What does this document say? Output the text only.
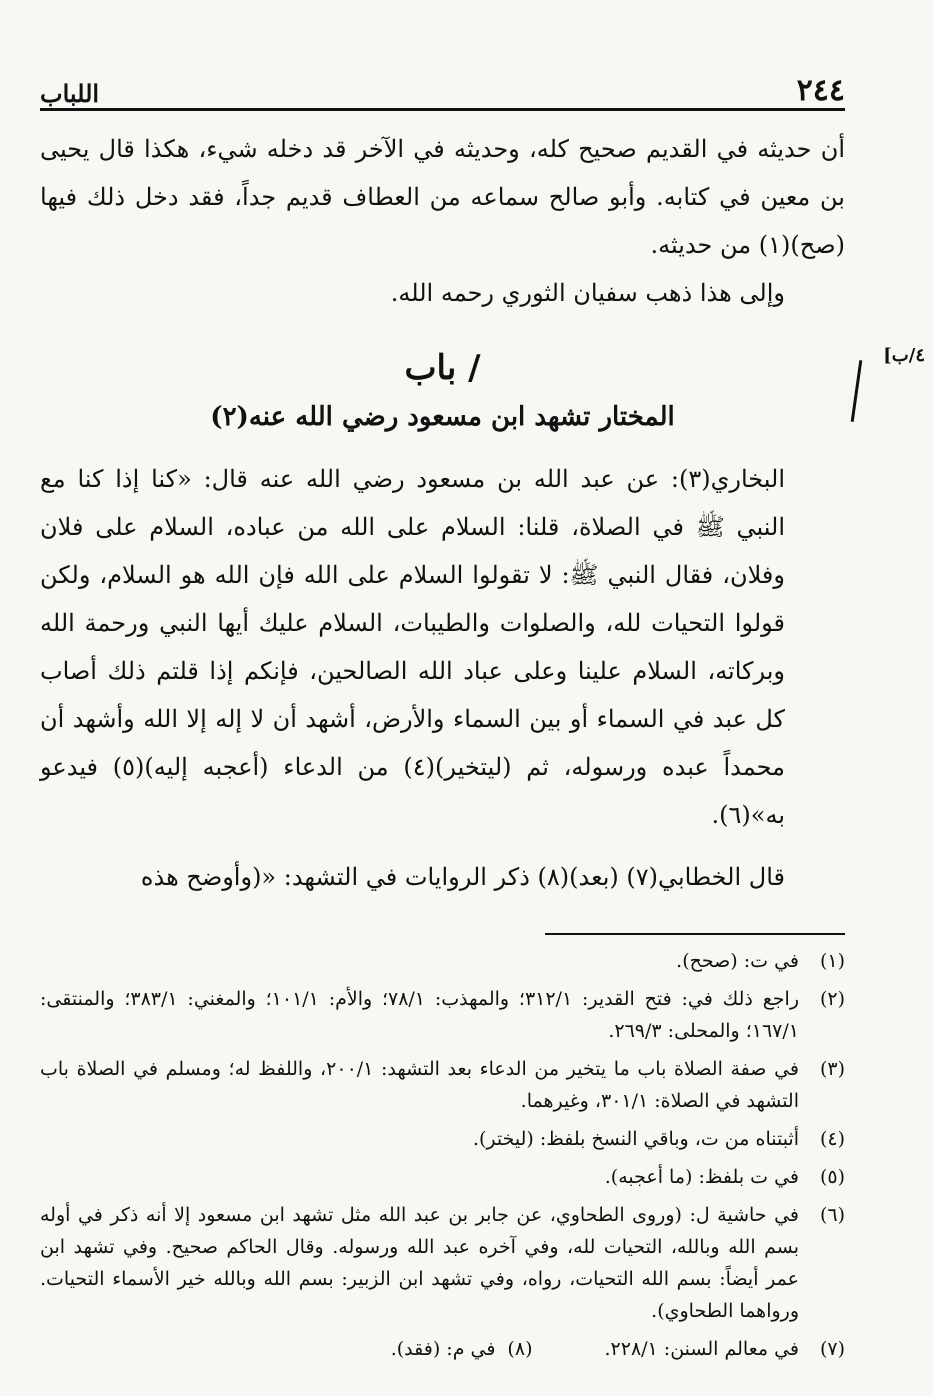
٢٤٤
اللباب

أن حديثه في القديم صحيح كله، وحديثه في الآخر قد دخله شيء، هكذا قال يحيى بن معين في كتابه. وأبو صالح سماعه من العطاف قديم جداً، فقد دخل ذلك فيها (صح)(١) من حديثه.

وإلى هذا ذهب سفيان الثوري رحمه الله.

/ باب
المختار تشهد ابن مسعود رضي الله عنه(٢)

البخاري(٣): عن عبد الله بن مسعود رضي الله عنه قال: «كنا إذا كنا مع النبي ﷺ في الصلاة، قلنا: السلام على الله من عباده، السلام على فلان وفلان، فقال النبي ﷺ: لا تقولوا السلام على الله فإن الله هو السلام، ولكن قولوا التحيات لله، والصلوات والطيبات، السلام عليك أيها النبي ورحمة الله وبركاته، السلام علينا وعلى عباد الله الصالحين، فإنكم إذا قلتم ذلك أصاب كل عبد في السماء أو بين السماء والأرض، أشهد أن لا إله إلا الله وأشهد أن محمداً عبده ورسوله، ثم (ليتخير)(٤) من الدعاء (أعجبه إليه)(٥) فيدعو به»(٦).

قال الخطابي(٧) (بعد)(٨) ذكر الروايات في التشهد: «(وأوضح هذه

(١)
في ت: (صحح).
(٢)
راجع ذلك في: فتح القدير: ٣١٢/١؛ والمهذب: ٧٨/١؛ والأم: ١٠١/١؛ والمغني: ٣٨٣/١؛ والمنتقى: ١٦٧/١؛ والمحلى: ٢٦٩/٣.
(٣)
في صفة الصلاة باب ما يتخير من الدعاء بعد التشهد: ٢٠٠/١، واللفظ له؛ ومسلم في الصلاة باب التشهد في الصلاة: ٣٠١/١، وغيرهما.
(٤)
أثبتناه من ت، وباقي النسخ بلفظ: (ليختر).
(٥)
في ت بلفظ: (ما أعجبه).
(٦)
في حاشية ل: (وروى الطحاوي، عن جابر بن عبد الله مثل تشهد ابن مسعود إلا أنه ذكر في أوله بسم الله وبالله، التحيات لله، وفي آخره عبد الله ورسوله. وقال الحاكم صحيح. وفي تشهد ابن عمر أيضاً: بسم الله التحيات، رواه، وفي تشهد ابن الزبير: بسم الله وبالله خير الأسماء التحيات. ورواهما الطحاوي).
(٧)
في معالم السنن: ٢٢٨/١.
(٨)
في م: (فقد).
٤/ب]
